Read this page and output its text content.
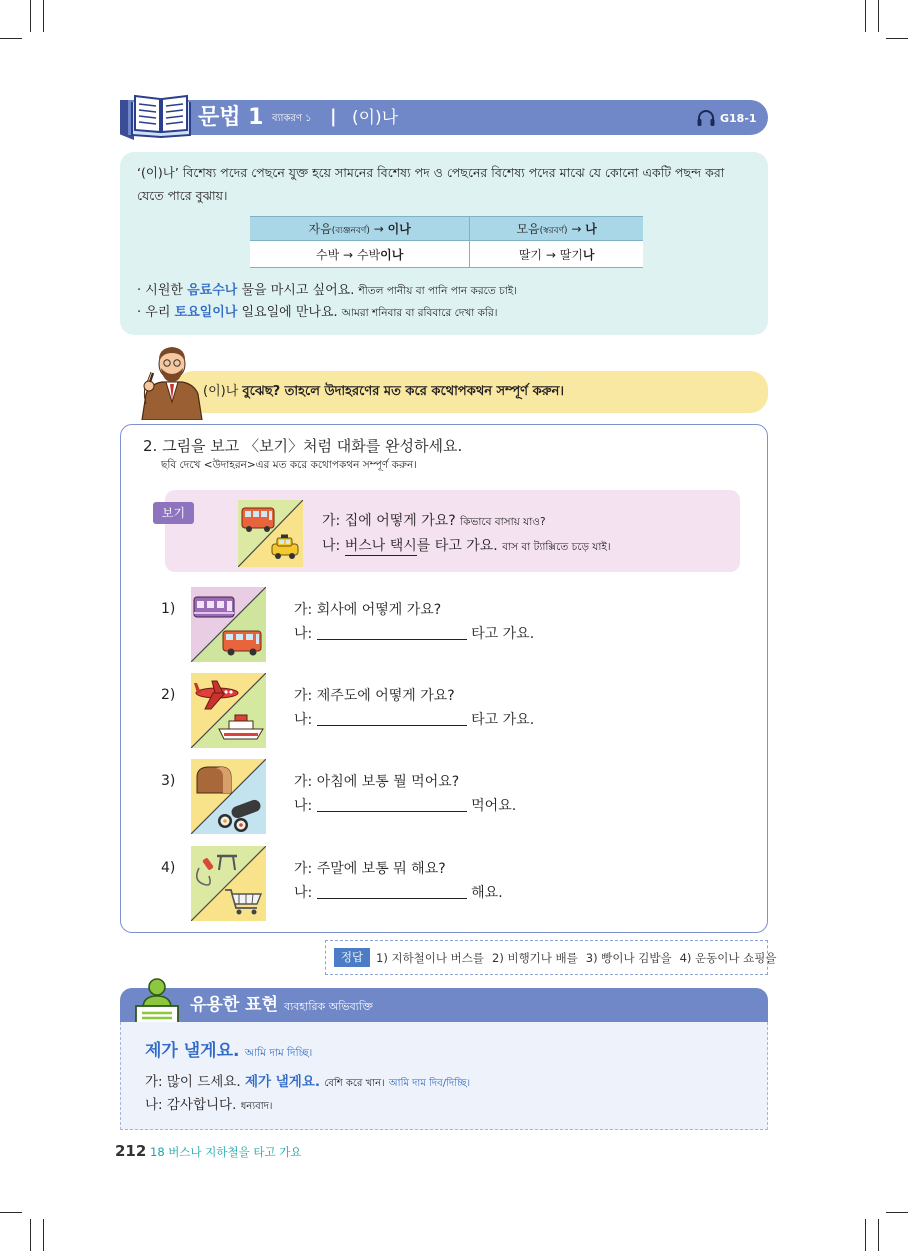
문법 1 ব্যাকরণ ১ | (이)나	G18-1
‘(이)나’ বিশেষ্য পদের পেছনে যুক্ত হয়ে সামনের বিশেষ্য পদ ও পেছনের বিশেষ্য পদের মাঝে যে কোনো একটি পছন্দ করা
যেতে পারে বুঝায়।
자음(ব্যঞ্জনবর্ণ) → 이나	모음(স্বরবর্ণ) → 나
수박 → 수박이나	딸기 → 딸기나
· 시원한 음료수나 물을 마시고 싶어요. শীতল পানীয় বা পানি পান করতে চাই।
· 우리 토요일이나 일요일에 만나요. আমরা শনিবার বা রবিবারে দেখা করি।
(이)나 বুঝেছ? তাহলে উদাহরণের মত করে কথোপকথন সম্পূর্ণ করুন।
2. 그림을 보고 〈보기〉처럼 대화를 완성하세요.
ছবি দেখে <উদাহরন>এর মত করে কথোপকথন সম্পূর্ণ করুন।
가: 집에 어떻게 가요? কিভাবে বাসায় যাও?
나: 버스나 택시를 타고 가요. বাস বা ট্যাক্সিতে চড়ে যাই।
보기
1)	가: 회사에 어떻게 가요?
나:	타고 가요.
2)	가: 제주도에 어떻게 가요?
나:	타고 가요.
3)	가: 아침에 보통 뭘 먹어요?
나:	먹어요.
4)	가: 주말에 보통 뭐 해요?
나:	해요.
정답	1) 지하철이나 버스를 2) 비행기나 배를 3) 빵이나 김밥을 4) 운동이나 쇼핑을
유용한 표현 ব্যবহারিক অভিব্যক্তি
제가 낼게요. আমি দাম দিচ্ছি।
가: 많이 드세요. 제가 낼게요. বেশি করে খান। আমি দাম দিব/দিচ্ছি।
나: 감사합니다. ধন্যবাদ।
212 18 버스나 지하철을 타고 가요
